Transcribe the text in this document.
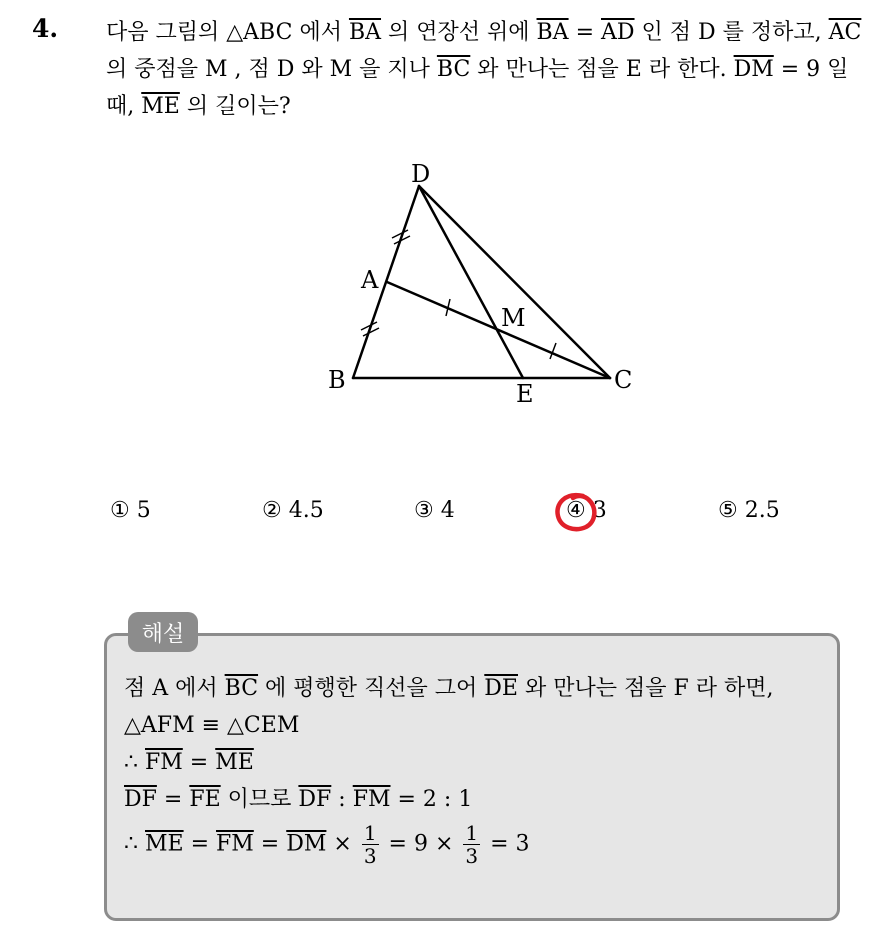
4. 다음 그림의 △ABC 에서 $\overline{BA}$ 의 연장선 위에 $\overline{BA} = \overline{AD}$ 인 점 D 를 정하고, $\overline{AC}$ 의 중점을 M , 점 D 와 M 을 지나 $\overline{BC}$ 와 만나는 점을 E 라 한다. $\overline{DM} = 9$ 일 때, $\overline{ME}$ 의 길이는?
D
A
M
B	E	C
① 5	② 4.5	③ 4	④ 3	⑤ 2.5
해설
점 A 에서 $\overline{BC}$ 에 평행한 직선을 그어 $\overline{DE}$ 와 만나는 점을 F 라 하면, △AFM ≡ △CEM
∴ $\overline{FM} = \overline{ME}$
$\overline{DF} = \overline{FE}$ 이므로 $\overline{DF}$ : $\overline{FM} = 2$ : 1
∴ $\overline{ME} = \overline{FM} = \overline{DM} \times \frac{1}{3} = 9 \times \frac{1}{3} = 3$
